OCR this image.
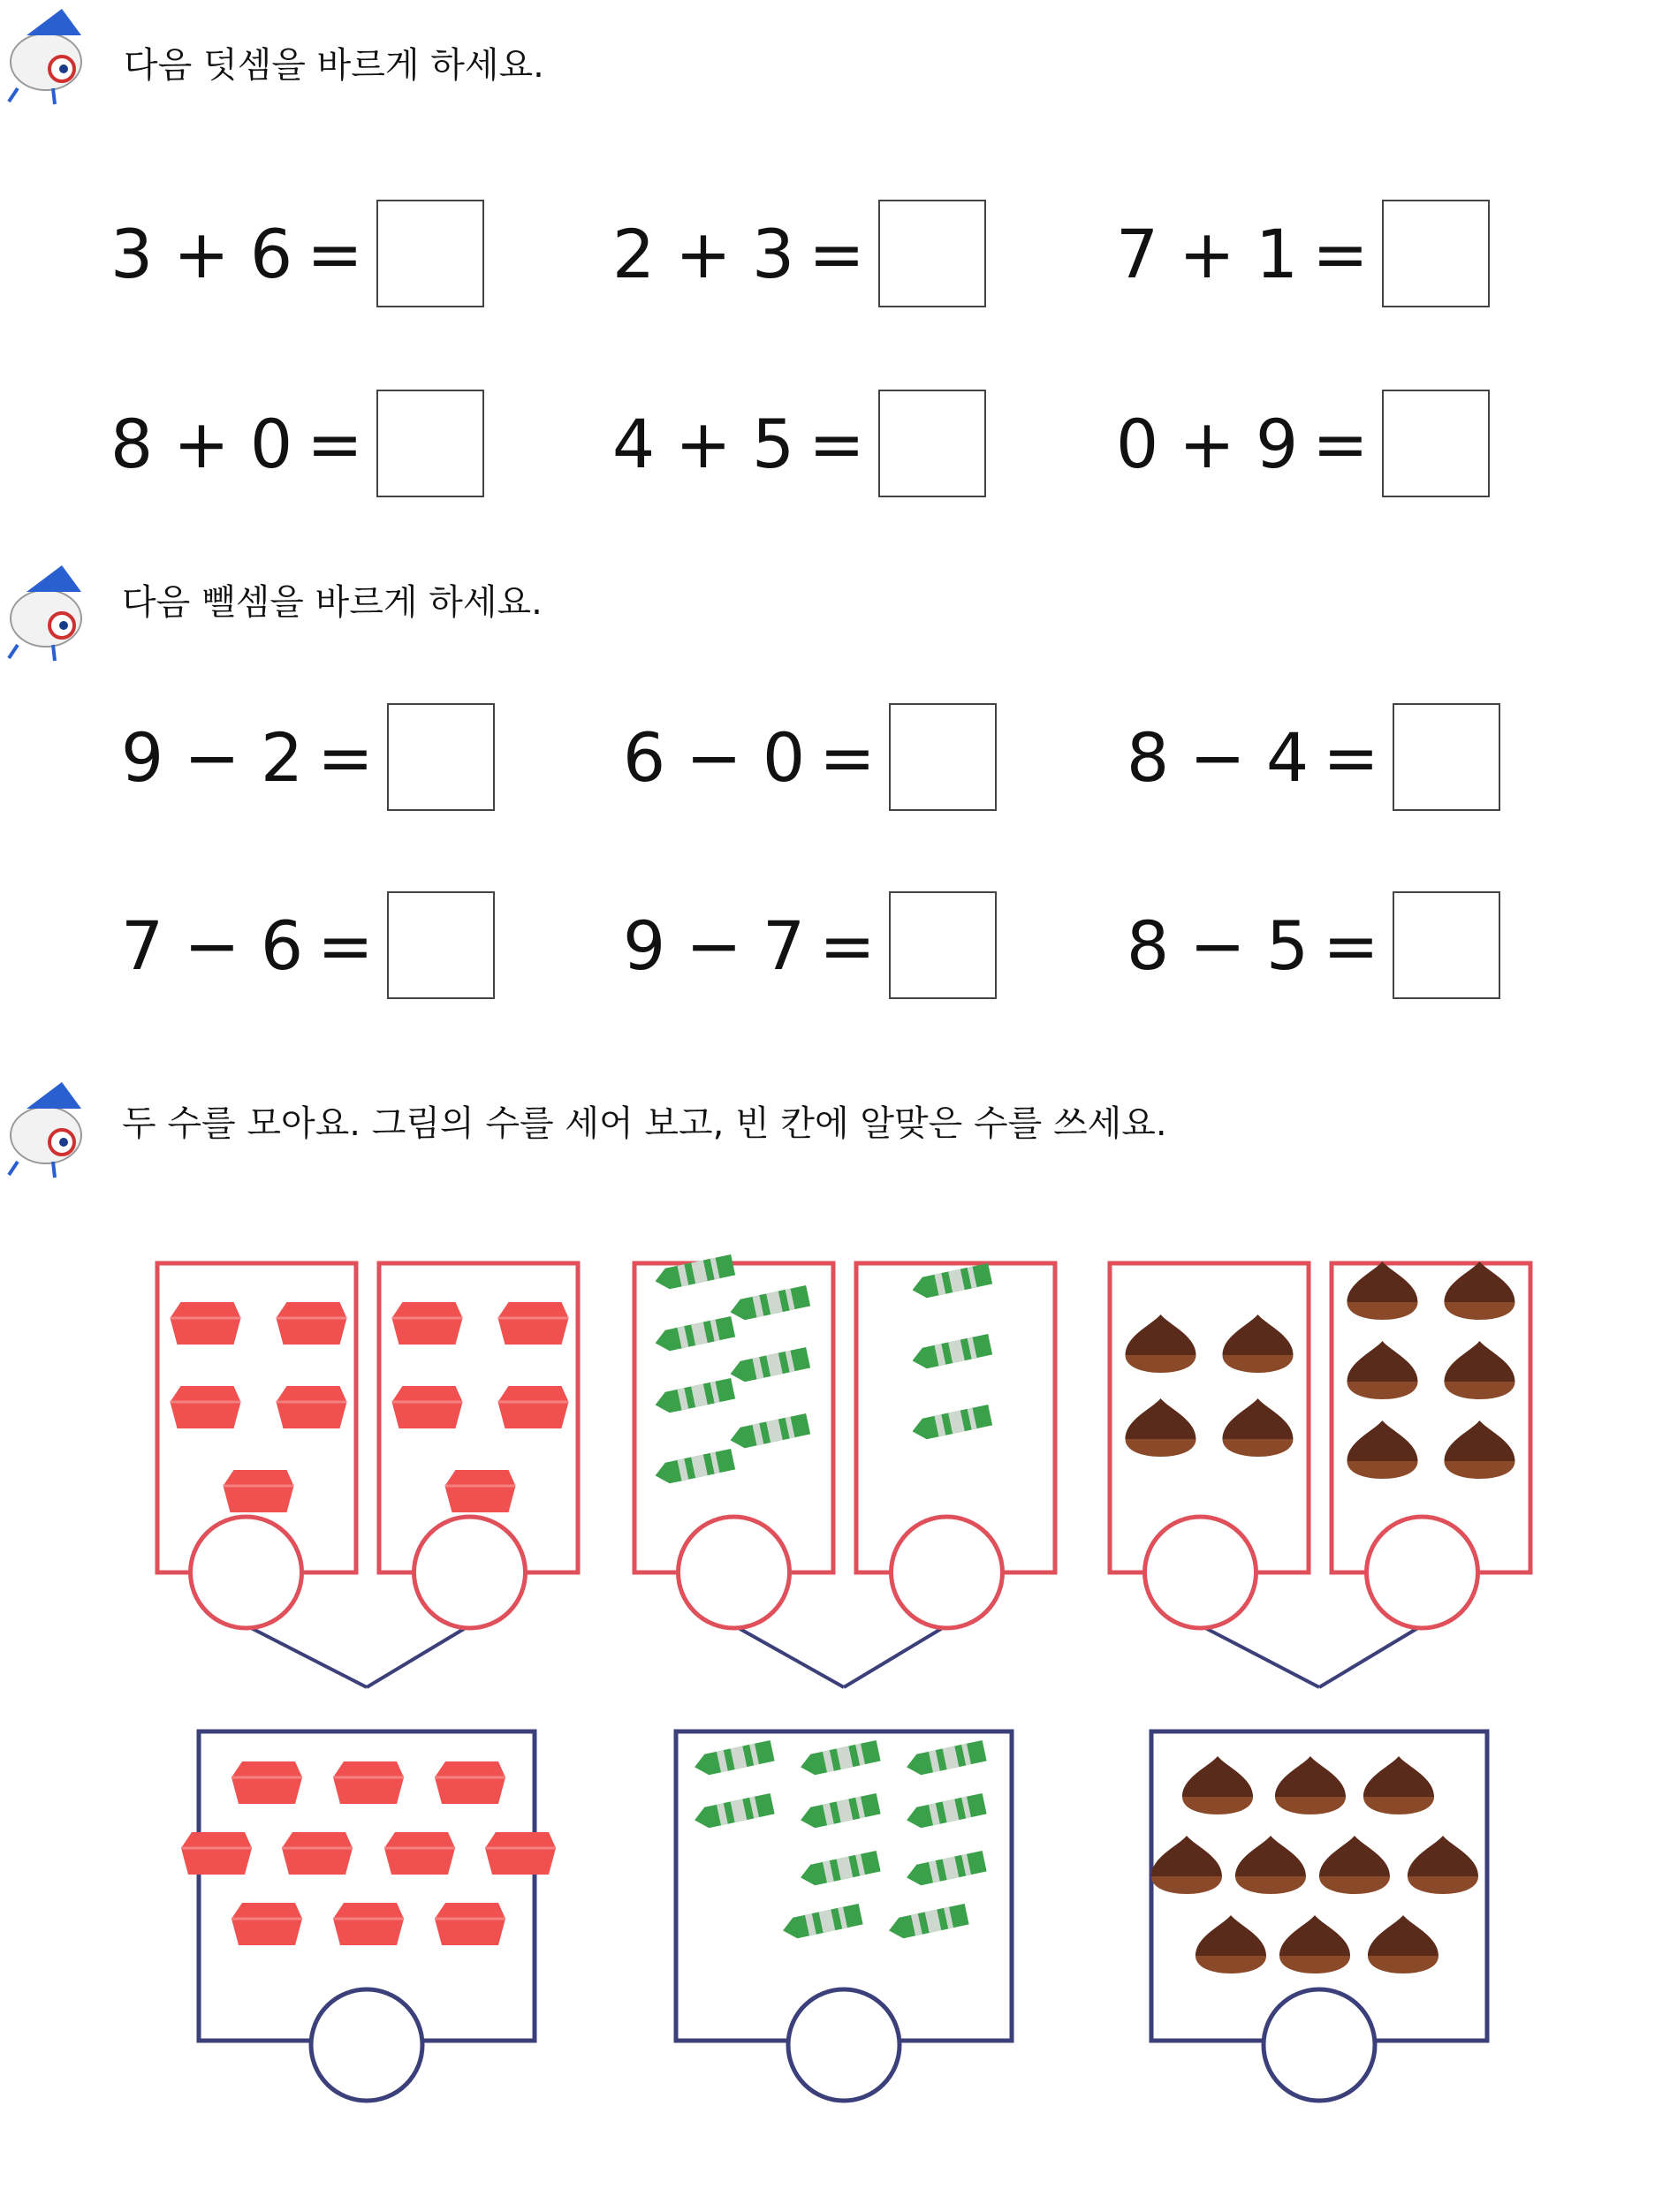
다음 덧셈을 바르게 하세요.
다음 뺄셈을 바르게 하세요.
두 수를 모아요. 그림의 수를 세어 보고, 빈 칸에 알맞은 수를 쓰세요.
3 + 6 =	2 + 3 =	7 + 1 =
8 + 0 =	4 + 5 =	0 + 9 =
9 − 2 =	6 − 0 =	8 − 4 =
7 − 6 =	9 − 7 =	8 − 5 =
